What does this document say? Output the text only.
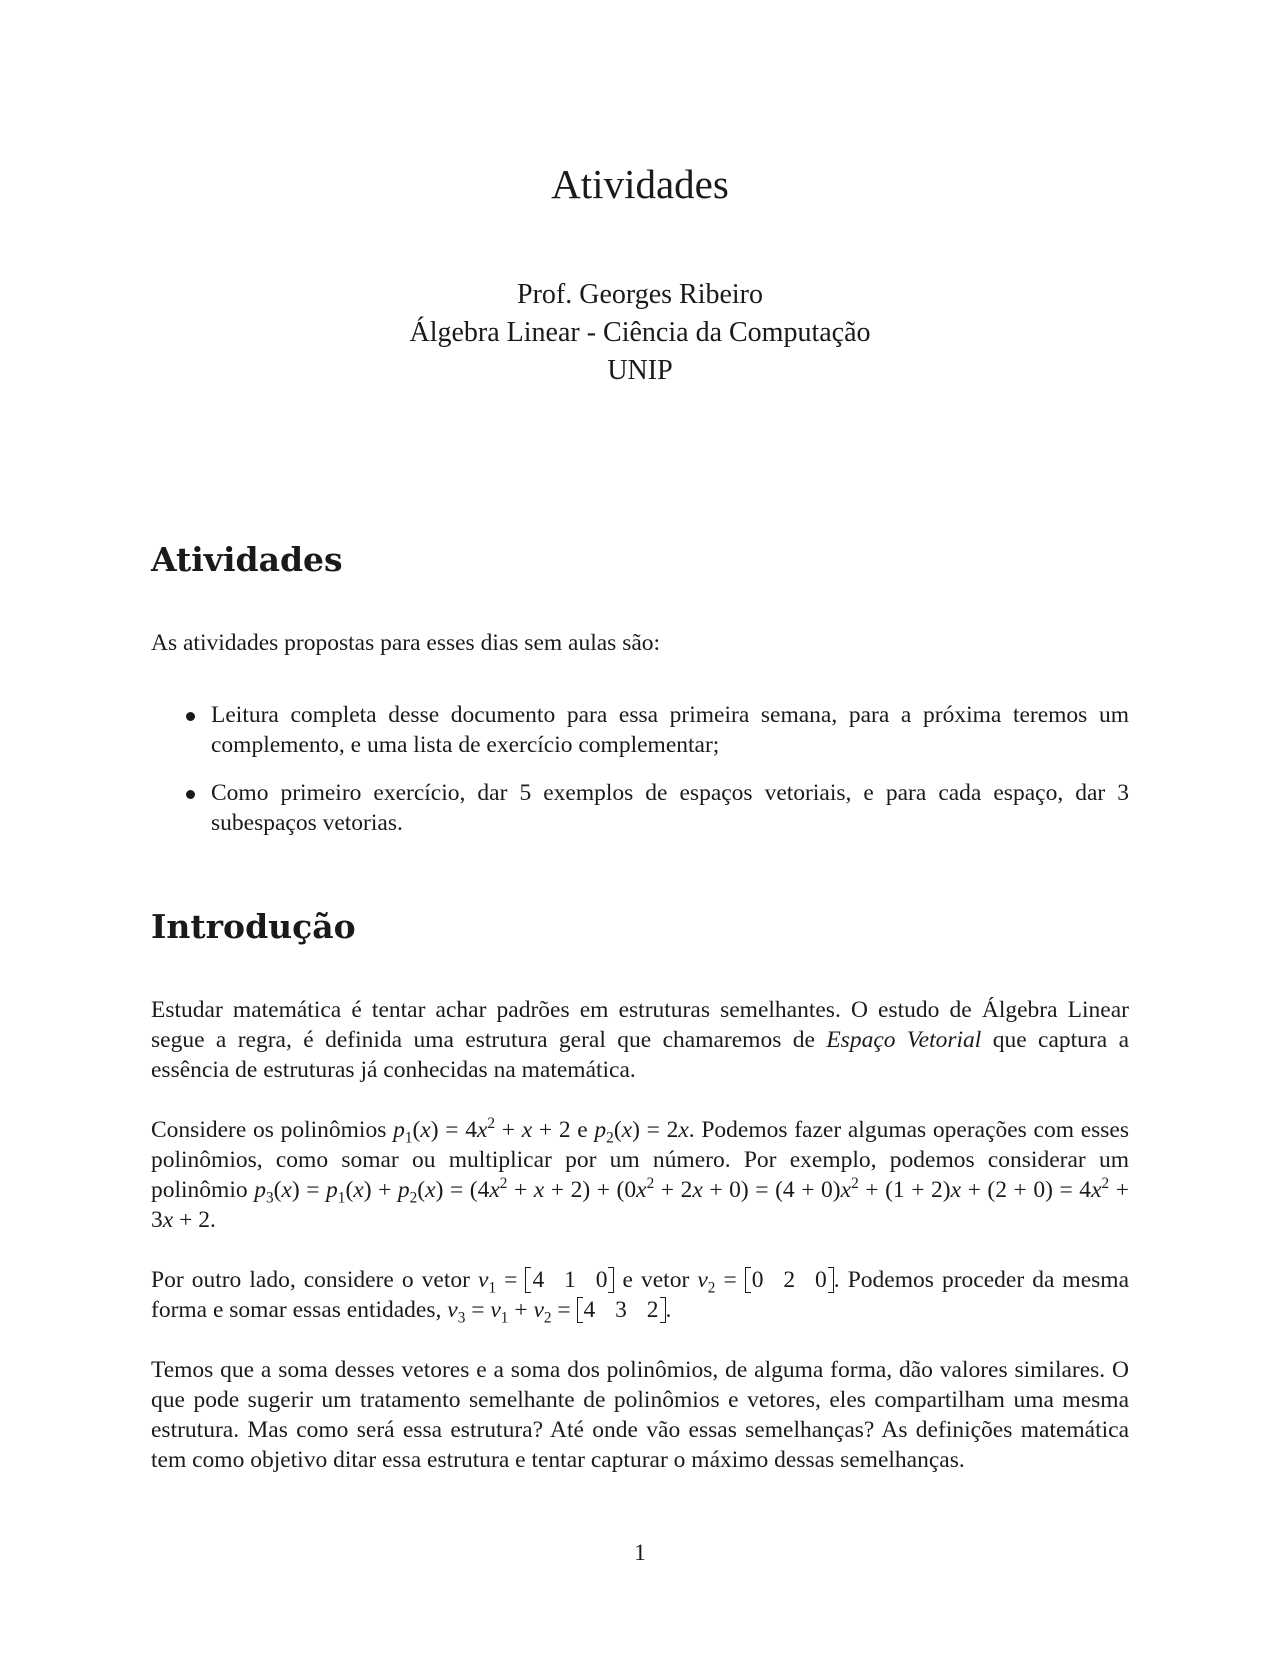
Atividades
Prof. Georges Ribeiro
Álgebra Linear - Ciência da Computação
UNIP
Atividades
As atividades propostas para esses dias sem aulas são:
Leitura completa desse documento para essa primeira semana, para a próxima teremos um complemento, e uma lista de exercício complementar;
Como primeiro exercício, dar 5 exemplos de espaços vetoriais, e para cada espaço, dar 3 subespaços vetorias.
Introdução
Estudar matemática é tentar achar padrões em estruturas semelhantes. O estudo de Álgebra Linear segue a regra, é definida uma estrutura geral que chamaremos de Espaço Vetorial que captura a essência de estruturas já conhecidas na matemática.
Considere os polinômios $p_1(x) = 4x^2 + x + 2$ e $p_2(x) = 2x$. Podemos fazer algumas operações com esses polinômios, como somar ou multiplicar por um número. Por exemplo, podemos considerar um polinômio $p_3(x) = p_1(x) + p_2(x) = (4x^2 + x + 2) + (0x^2 + 2x + 0) = (4 + 0)x^2 + (1 + 2)x + (2 + 0) = 4x^2 + 3x + 2$.
Por outro lado, considere o vetor $v_1 = 4$ 1 0 e vetor $v_2 = 0$ 2 0 . Podemos proceder da mesma forma e somar essas entidades, $v_3 = v_1 + v_2 = 4$ 3 2 .
Temos que a soma desses vetores e a soma dos polinômios, de alguma forma, dão valores similares. O que pode sugerir um tratamento semelhante de polinômios e vetores, eles compartilham uma mesma estrutura. Mas como será essa estrutura? Até onde vão essas semelhanças? As definições matemática tem como objetivo ditar essa estrutura e tentar capturar o máximo dessas semelhanças.
1
